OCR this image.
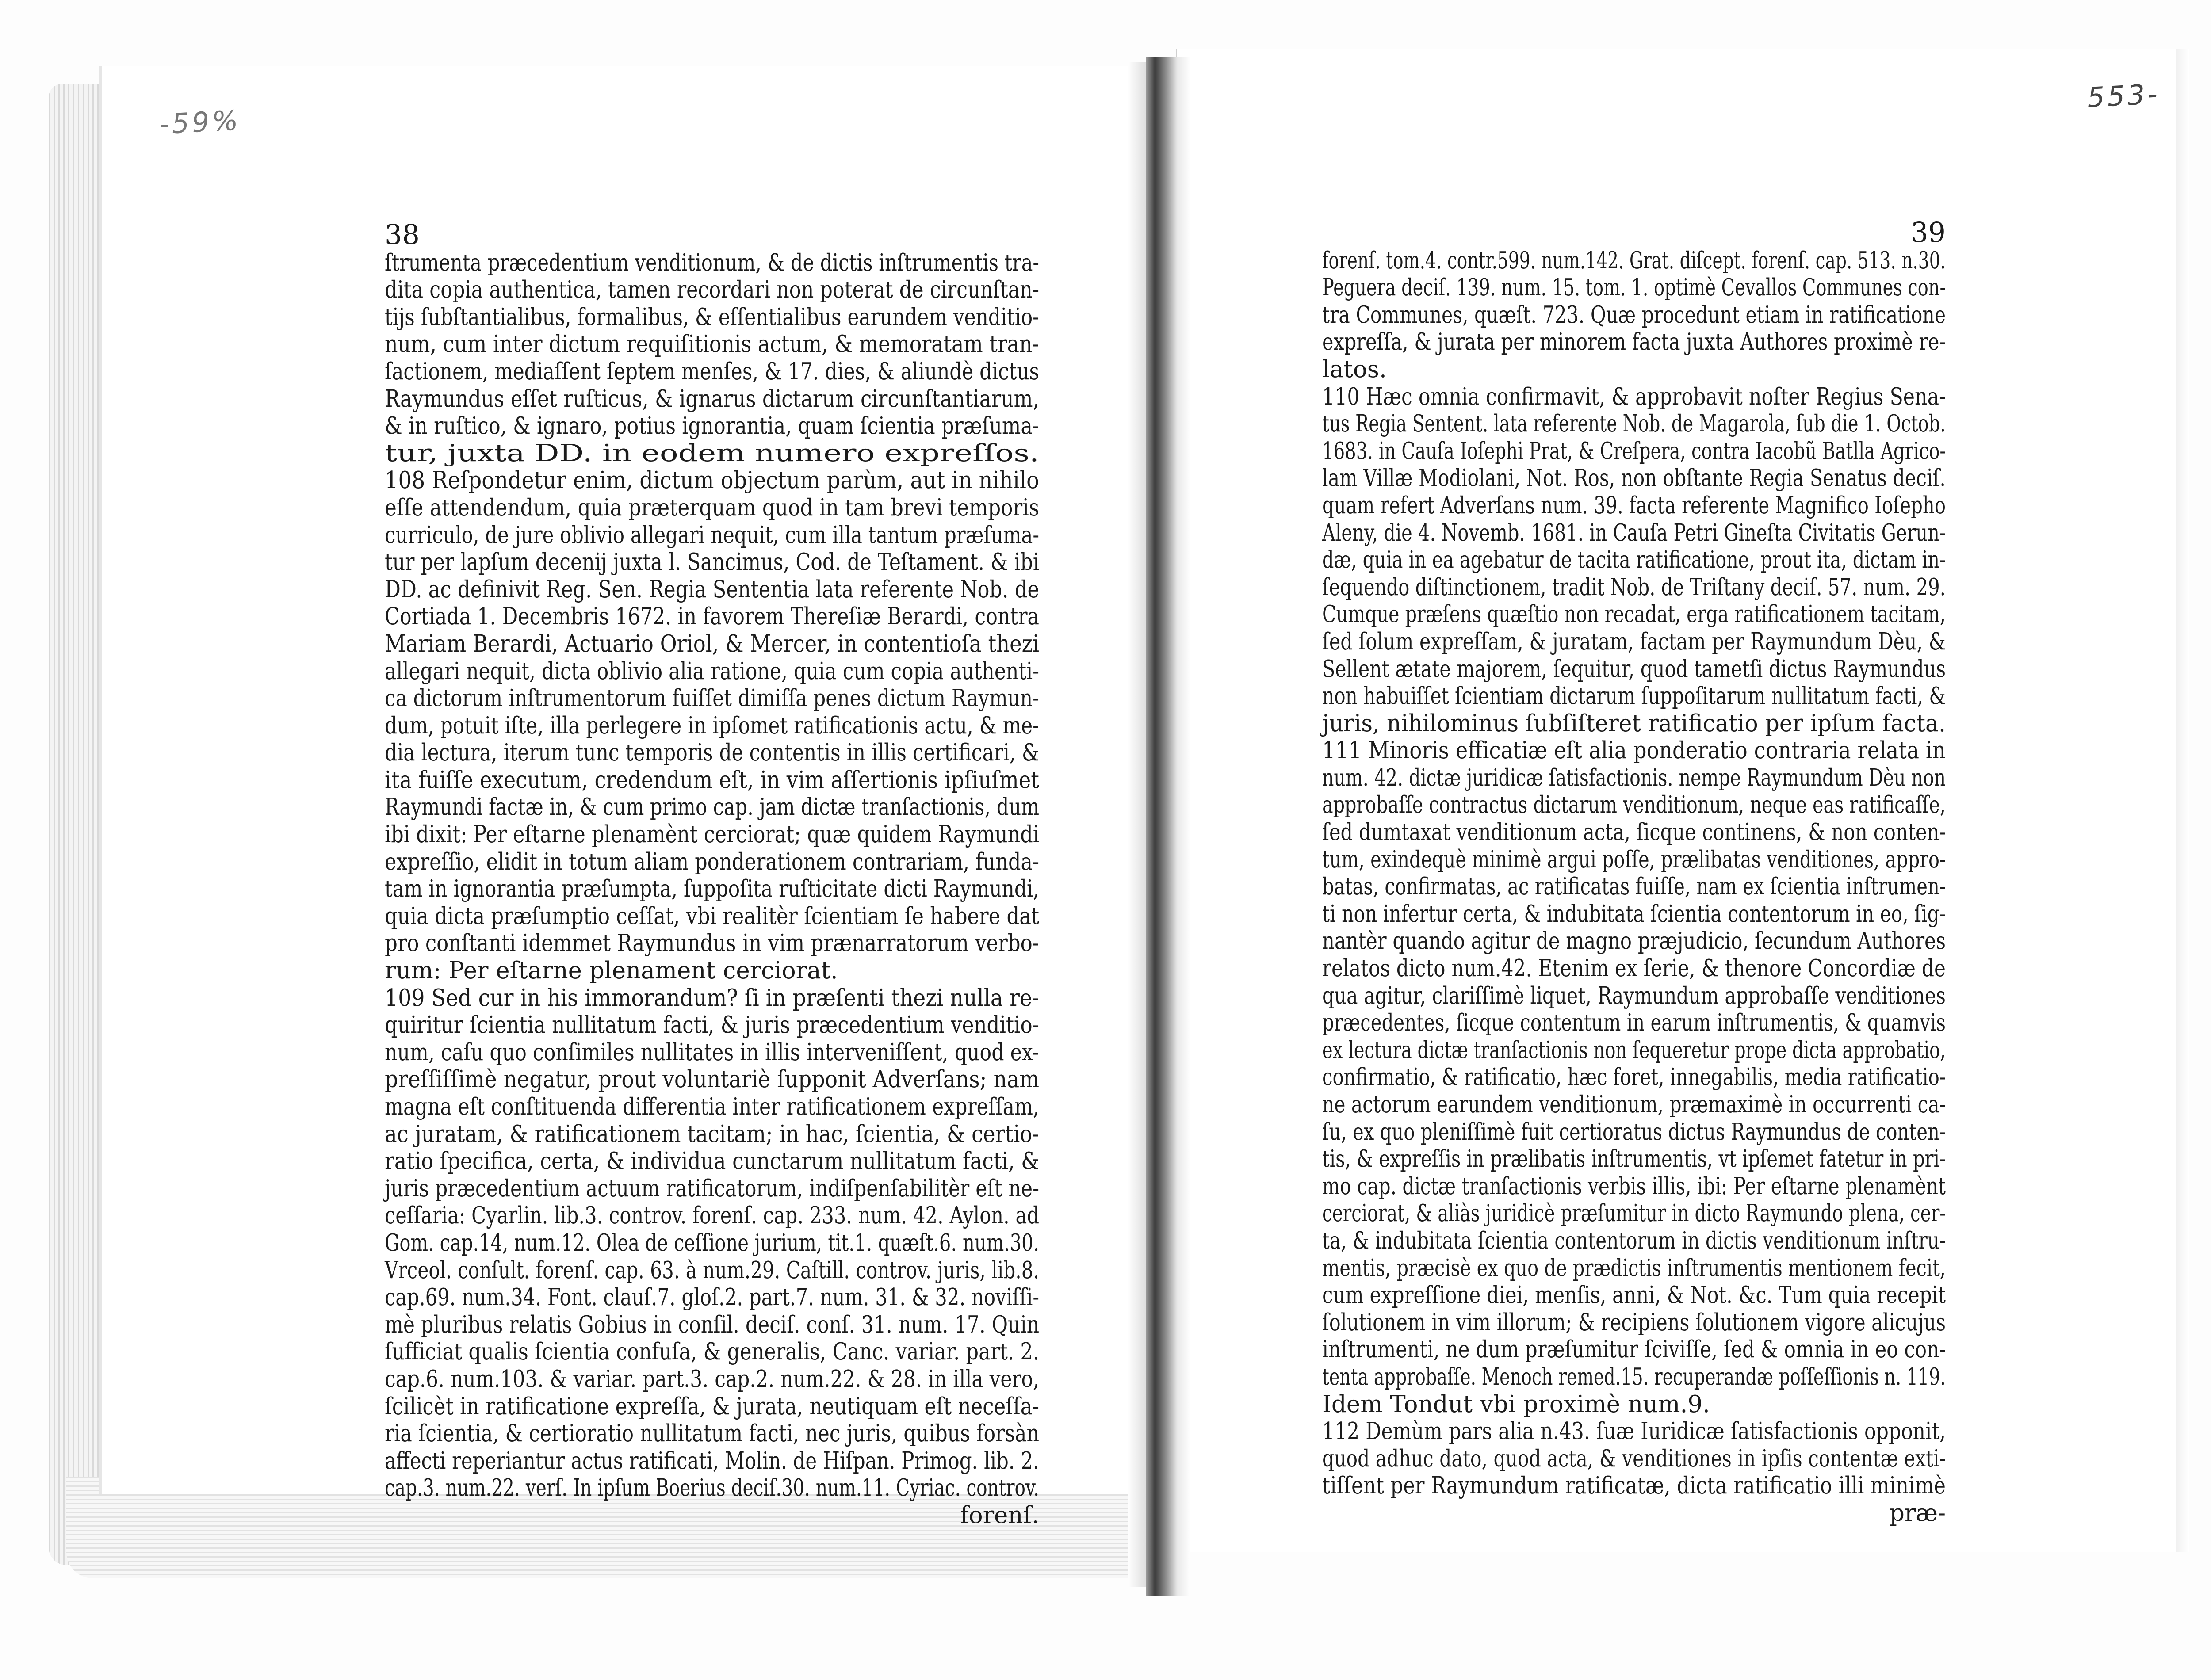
-59%
553-
38
ſtrumenta præcedentium venditionum, & de dictis inſtrumentis tra-
dita copia authentica, tamen recordari non poterat de circunſtan-
tijs ſubſtantialibus, formalibus, & eſſentialibus earundem venditio-
num, cum inter dictum requiſitionis actum, & memoratam tran-
ſactionem, mediaſſent ſeptem menſes, & 17. dies, & aliundè dictus
Raymundus eſſet ruſticus, & ignarus dictarum circunſtantiarum,
& in ruſtico, & ignaro, potius ignorantia, quam ſcientia præſuma-
tur, juxta DD. in eodem numero expreſſos.
108 Reſpondetur enim, dictum objectum parùm, aut in nihilo
eſſe attendendum, quia præterquam quod in tam brevi temporis
curriculo, de jure oblivio allegari nequit, cum illa tantum præſuma-
tur per lapſum decenij juxta l. Sancimus, Cod. de Teſtament. & ibi
DD. ac definivit Reg. Sen. Regia Sententia lata referente Nob. de
Cortiada 1. Decembris 1672. in favorem Thereſiæ Berardi, contra
Mariam Berardi, Actuario Oriol, & Mercer, in contentioſa thezi
allegari nequit, dicta oblivio alia ratione, quia cum copia authenti-
ca dictorum inſtrumentorum fuiſſet dimiſſa penes dictum Raymun-
dum, potuit iſte, illa perlegere in ipſomet ratificationis actu, & me-
dia lectura, iterum tunc temporis de contentis in illis certificari, &
ita fuiſſe executum, credendum eſt, in vim aſſertionis ipſiuſmet
Raymundi factæ in, & cum primo cap. jam dictæ tranſactionis, dum
ibi dixit: Per eſtarne plenamènt cerciorat; quæ quidem Raymundi
expreſſio, elidit in totum aliam ponderationem contrariam, funda-
tam in ignorantia præſumpta, ſuppoſita ruſticitate dicti Raymundi,
quia dicta præſumptio ceſſat, vbi realitèr ſcientiam ſe habere dat
pro conſtanti idemmet Raymundus in vim prænarratorum verbo-
rum: Per eſtarne plenament cerciorat.
109 Sed cur in his immorandum? ſi in præſenti thezi nulla re-
quiritur ſcientia nullitatum facti, & juris præcedentium venditio-
num, caſu quo conſimiles nullitates in illis interveniſſent, quod ex-
preſſiſſimè negatur, prout voluntariè ſupponit Adverſans; nam
magna eſt conſtituenda differentia inter ratificationem expreſſam,
ac juratam, & ratificationem tacitam; in hac, ſcientia, & certio-
ratio ſpecifica, certa, & individua cunctarum nullitatum facti, &
juris præcedentium actuum ratificatorum, indiſpenſabilitèr eſt ne-
ceſſaria: Cyarlin. lib.3. controv. forenſ. cap. 233. num. 42. Aylon. ad
Gom. cap.14, num.12. Olea de ceſſione jurium, tit.1. quæſt.6. num.30.
Vrceol. conſult. forenſ. cap. 63. à num.29. Caſtill. controv. juris, lib.8.
cap.69. num.34. Font. clauſ.7. gloſ.2. part.7. num. 31. & 32. noviſſi-
mè pluribus relatis Gobius in conſil. deciſ. conſ. 31. num. 17. Quin
ſufficiat qualis ſcientia confuſa, & generalis, Canc. variar. part. 2.
cap.6. num.103. & variar. part.3. cap.2. num.22. & 28. in illa vero,
ſcilicèt in ratificatione expreſſa, & jurata, neutiquam eſt neceſſa-
ria ſcientia, & certioratio nullitatum facti, nec juris, quibus forsàn
affecti reperiantur actus ratificati, Molin. de Hiſpan. Primog. lib. 2.
cap.3. num.22. verſ. In ipſum Boerius deciſ.30. num.11. Cyriac. controv.
forenſ.
39
forenſ. tom.4. contr.599. num.142. Grat. diſcept. forenſ. cap. 513. n.30.
Peguera deciſ. 139. num. 15. tom. 1. optimè Cevallos Communes con-
tra Communes, quæſt. 723. Quæ procedunt etiam in ratificatione
expreſſa, & jurata per minorem facta juxta Authores proximè re-
latos.
110 Hæc omnia confirmavit, & approbavit noſter Regius Sena-
tus Regia Sentent. lata referente Nob. de Magarola, ſub die 1. Octob.
1683. in Cauſa Ioſephi Prat, & Creſpera, contra Iacobũ Batlla Agrico-
lam Villæ Modiolani, Not. Ros, non obſtante Regia Senatus deciſ.
quam refert Adverſans num. 39. facta referente Magnifico Ioſepho
Aleny, die 4. Novemb. 1681. in Cauſa Petri Gineſta Civitatis Gerun-
dæ, quia in ea agebatur de tacita ratificatione, prout ita, dictam in-
ſequendo diſtinctionem, tradit Nob. de Triſtany deciſ. 57. num. 29.
Cumque præſens quæſtio non recadat, erga ratificationem tacitam,
ſed ſolum expreſſam, & juratam, factam per Raymundum Dèu, &
Sellent ætate majorem, ſequitur, quod tametſi dictus Raymundus
non habuiſſet ſcientiam dictarum ſuppoſitarum nullitatum facti, &
juris, nihilominus ſubſiſteret ratificatio per ipſum facta.
111 Minoris efficatiæ eſt alia ponderatio contraria relata in
num. 42. dictæ juridicæ ſatisfactionis. nempe Raymundum Dèu non
approbaſſe contractus dictarum venditionum, neque eas ratificaſſe,
ſed dumtaxat venditionum acta, ſicque continens, & non conten-
tum, exindequè minimè argui poſſe, prælibatas venditiones, appro-
batas, confirmatas, ac ratificatas fuiſſe, nam ex ſcientia inſtrumen-
ti non infertur certa, & indubitata ſcientia contentorum in eo, ſig-
nantèr quando agitur de magno præjudicio, ſecundum Authores
relatos dicto num.42. Etenim ex ſerie, & thenore Concordiæ de
qua agitur, clariſſimè liquet, Raymundum approbaſſe venditiones
præcedentes, ſicque contentum in earum inſtrumentis, & quamvis
ex lectura dictæ tranſactionis non ſequeretur prope dicta approbatio,
confirmatio, & ratificatio, hæc foret, innegabilis, media ratificatio-
ne actorum earundem venditionum, præmaximè in occurrenti ca-
ſu, ex quo pleniſſimè fuit certioratus dictus Raymundus de conten-
tis, & expreſſis in prælibatis inſtrumentis, vt ipſemet fatetur in pri-
mo cap. dictæ tranſactionis verbis illis, ibi: Per eſtarne plenamènt
cerciorat, & aliàs juridicè præſumitur in dicto Raymundo plena, cer-
ta, & indubitata ſcientia contentorum in dictis venditionum inſtru-
mentis, præcisè ex quo de prædictis inſtrumentis mentionem fecit,
cum expreſſione diei, menſis, anni, & Not. &c. Tum quia recepit
ſolutionem in vim illorum; & recipiens ſolutionem vigore alicujus
inſtrumenti, ne dum præſumitur ſciviſſe, ſed & omnia in eo con-
tenta approbaſſe. Menoch remed.15. recuperandæ poſſeſſionis n. 119.
Idem Tondut vbi proximè num.9.
112 Demùm pars alia n.43. ſuæ Iuridicæ ſatisfactionis opponit,
quod adhuc dato, quod acta, & venditiones in ipſis contentæ exti-
tiſſent per Raymundum ratificatæ, dicta ratificatio illi minimè
præ-
